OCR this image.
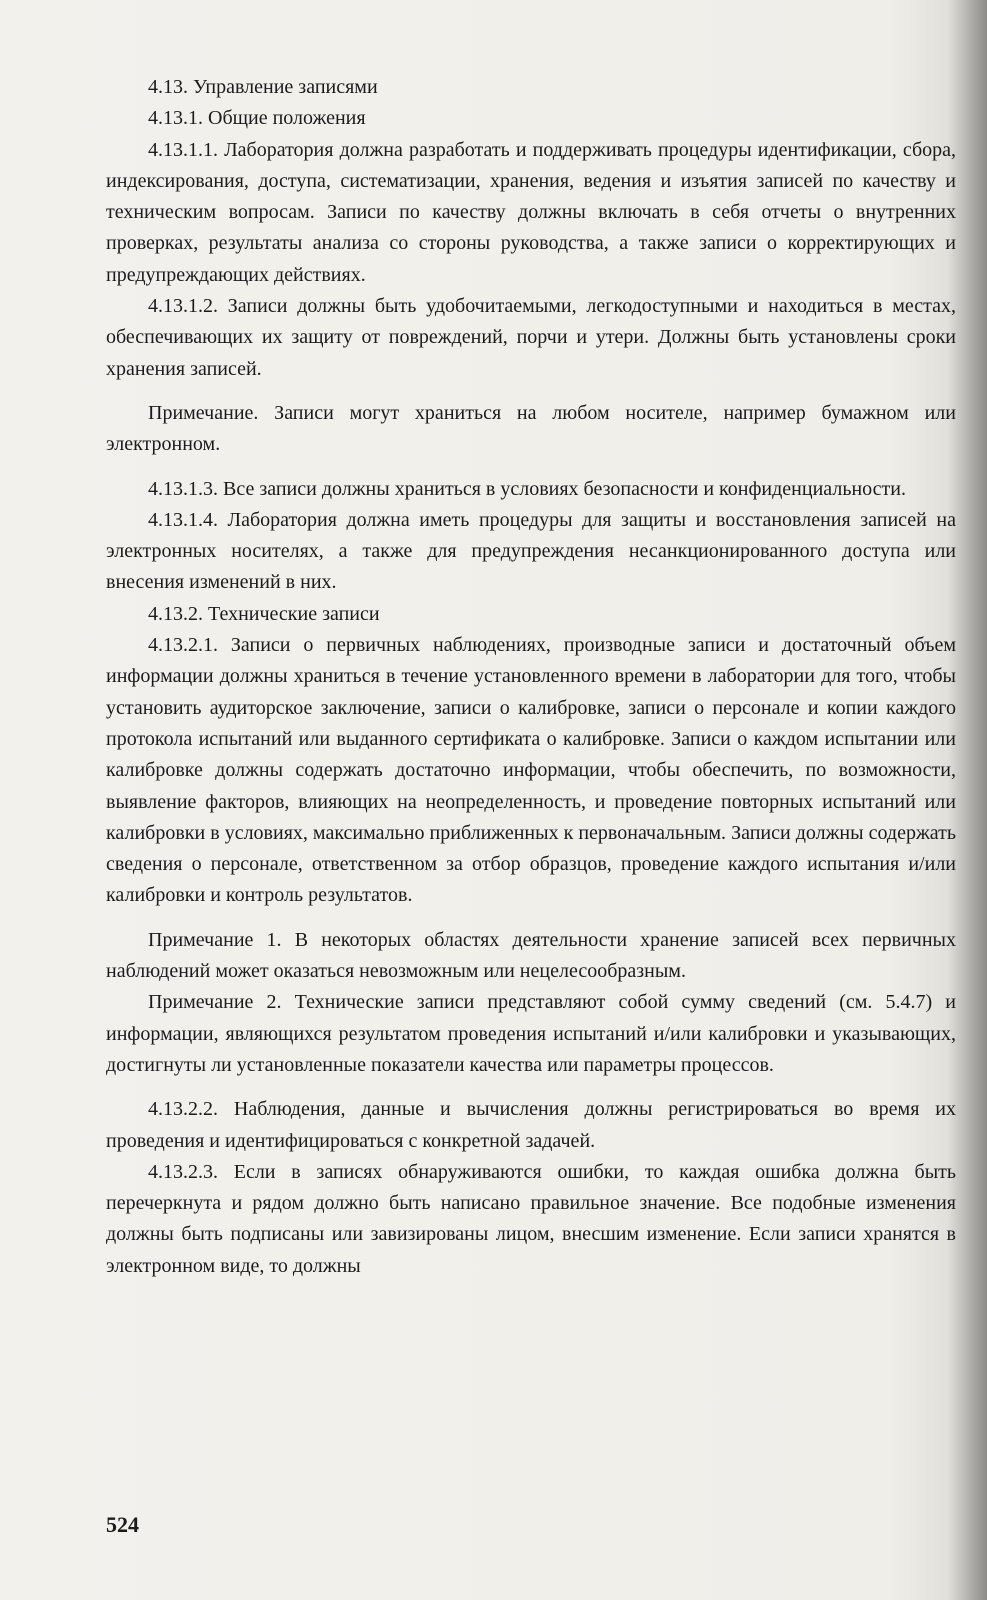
4.13. Управление записями

4.13.1. Общие положения

4.13.1.1. Лаборатория должна разработать и поддерживать процедуры идентификации, сбора, индексирования, доступа, систематизации, хранения, ведения и изъятия записей по качеству и техническим вопросам. Записи по качеству должны включать в себя отчеты о внутренних проверках, результаты анализа со стороны руководства, а также записи о корректирующих и предупреждающих действиях.

4.13.1.2. Записи должны быть удобочитаемыми, легкодоступными и находиться в местах, обеспечивающих их защиту от повреждений, порчи и утери. Должны быть установлены сроки хранения записей.

Примечание. Записи могут храниться на любом носителе, например бумажном или электронном.

4.13.1.3. Все записи должны храниться в условиях безопасности и конфиденциальности.

4.13.1.4. Лаборатория должна иметь процедуры для защиты и восстановления записей на электронных носителях, а также для предупреждения несанкционированного доступа или внесения изменений в них.

4.13.2. Технические записи

4.13.2.1. Записи о первичных наблюдениях, производные записи и достаточный объем информации должны храниться в течение установленного времени в лаборатории для того, чтобы установить аудиторское заключение, записи о калибровке, записи о персонале и копии каждого протокола испытаний или выданного сертификата о калибровке. Записи о каждом испытании или калибровке должны содержать достаточно информации, чтобы обеспечить, по возможности, выявление факторов, влияющих на неопределенность, и проведение повторных испытаний или калибровки в условиях, максимально приближенных к первоначальным. Записи должны содержать сведения о персонале, ответственном за отбор образцов, проведение каждого испытания и/или калибровки и контроль результатов.

Примечание 1. В некоторых областях деятельности хранение записей всех первичных наблюдений может оказаться невозможным или нецелесообразным.

Примечание 2. Технические записи представляют собой сумму сведений (см. 5.4.7) и информации, являющихся результатом проведения испытаний и/или калибровки и указывающих, достигнуты ли установленные показатели качества или параметры процессов.

4.13.2.2. Наблюдения, данные и вычисления должны регистрироваться во время их проведения и идентифицироваться с конкретной задачей.

4.13.2.3. Если в записях обнаруживаются ошибки, то каждая ошибка должна быть перечеркнута и рядом должно быть написано правильное значение. Все подобные изменения должны быть подписаны или завизированы лицом, внесшим изменение. Если записи хранятся в электронном виде, то должны

524
